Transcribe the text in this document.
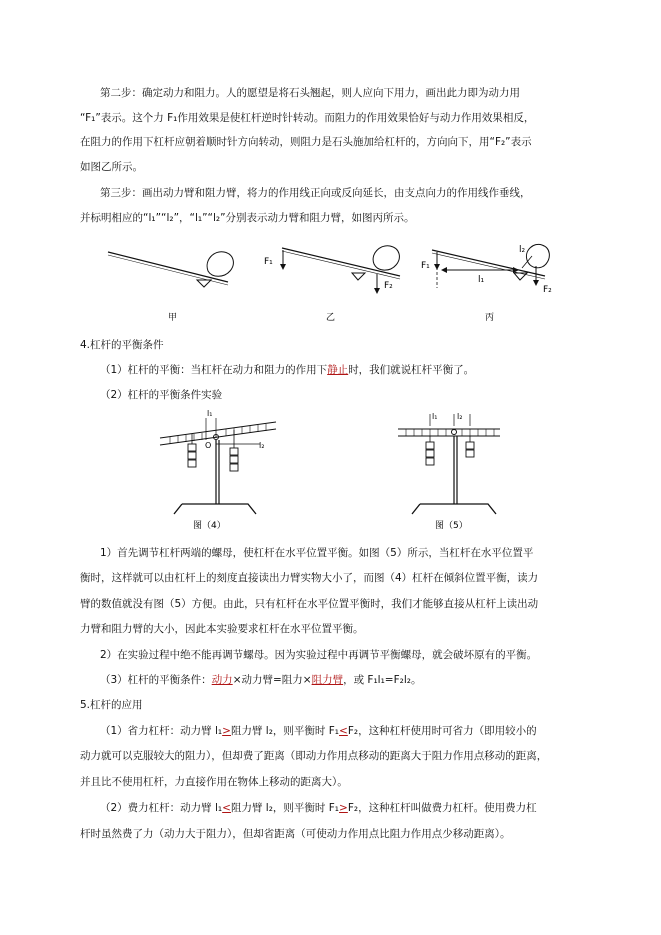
第二步：确定动力和阻力。人的愿望是将石头翘起，则人应向下用力，画出此力即为动力用
“F₁”表示。这个力 F₁作用效果是使杠杆逆时针转动。而阻力的作用效果恰好与动力作用效果相反，
在阻力的作用下杠杆应朝着顺时针方向转动，则阻力是石头施加给杠杆的，方向向下，用“F₂”表示
如图乙所示。
第三步：画出动力臂和阻力臂，将力的作用线正向或反向延长，由支点向力的作用线作垂线，
并标明相应的“l₁”“l₂”，“l₁”“l₂”分别表示动力臂和阻力臂，如图丙所示。
甲
F₁
F₂
乙
F₁
l₁
l₂
F₂
丙
4.杠杆的平衡条件
（1）杠杆的平衡：当杠杆在动力和阻力的作用下静止时，我们就说杠杆平衡了。
（2）杠杆的平衡条件实验
l₁
l₂
O
图（4）
l₁ l₂
图（5）
1）首先调节杠杆两端的螺母，使杠杆在水平位置平衡。如图（5）所示，当杠杆在水平位置平
衡时，这样就可以由杠杆上的刻度直接读出力臂实物大小了，而图（4）杠杆在倾斜位置平衡，读力
臂的数值就没有图（5）方便。由此，只有杠杆在水平位置平衡时，我们才能够直接从杠杆上读出动
力臂和阻力臂的大小，因此本实验要求杠杆在水平位置平衡。
2）在实验过程中绝不能再调节螺母。因为实验过程中再调节平衡螺母，就会破坏原有的平衡。
（3）杠杆的平衡条件：动力×动力臂=阻力×阻力臂，或 F₁l₁=F₂l₂。
5.杠杆的应用
（1）省力杠杆：动力臂 l₁>阻力臂 l₂，则平衡时 F₁<F₂，这种杠杆使用时可省力（即用较小的
动力就可以克服较大的阻力），但却费了距离（即动力作用点移动的距离大于阻力作用点移动的距离，
并且比不使用杠杆，力直接作用在物体上移动的距离大）。
（2）费力杠杆：动力臂 l₁<阻力臂 l₂，则平衡时 F₁>F₂，这种杠杆叫做费力杠杆。使用费力杠
杆时虽然费了力（动力大于阻力），但却省距离（可使动力作用点比阻力作用点少移动距离）。
